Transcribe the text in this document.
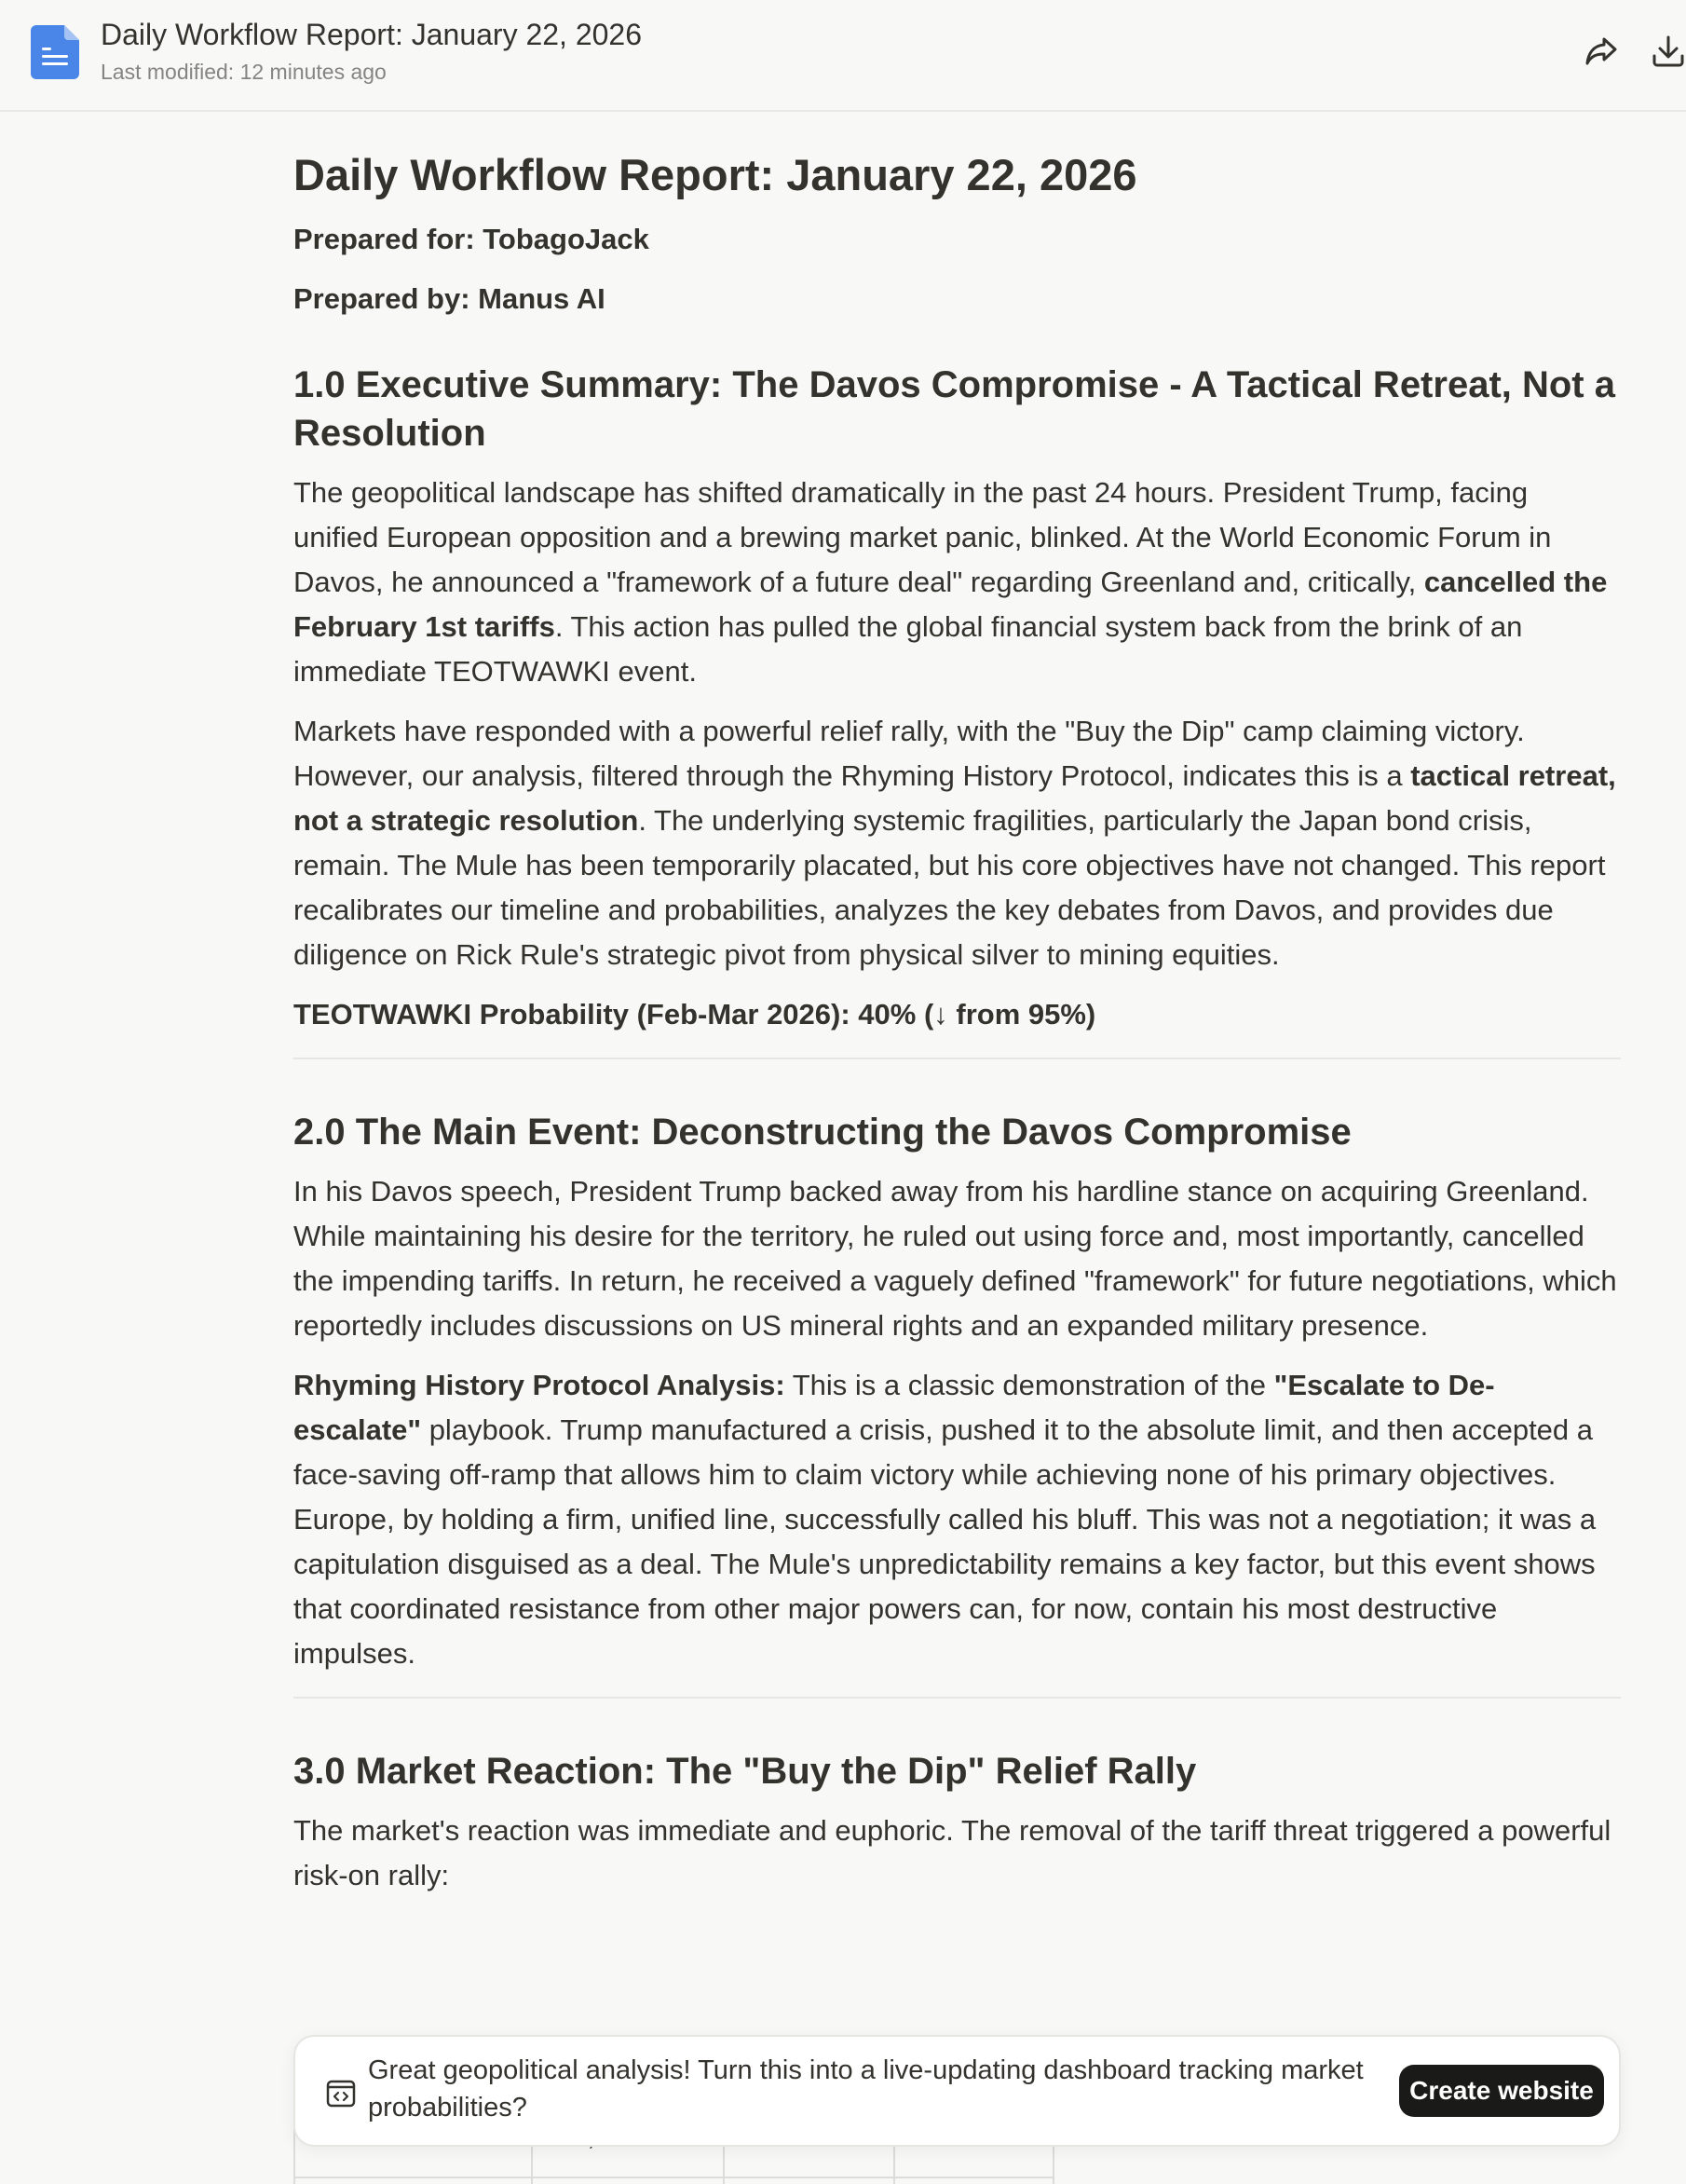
Daily Workflow Report: January 22, 2026
Last modified: 12 minutes ago
Daily Workflow Report: January 22, 2026
Prepared for: TobagoJack
Prepared by: Manus AI
1.0 Executive Summary: The Davos Compromise - A Tactical Retreat, Not a Resolution

The geopolitical landscape has shifted dramatically in the past 24 hours. President Trump, facing unified European opposition and a brewing market panic, blinked. At the World Economic Forum in Davos, he announced a "framework of a future deal" regarding Greenland and, critically, cancelled the February 1st tariffs. This action has pulled the global financial system back from the brink of an immediate TEOTWAWKI event.

Markets have responded with a powerful relief rally, with the "Buy the Dip" camp claiming victory. However, our analysis, filtered through the Rhyming History Protocol, indicates this is a tactical retreat, not a strategic resolution. The underlying systemic fragilities, particularly the Japan bond crisis, remain. The Mule has been temporarily placated, but his core objectives have not changed. This report recalibrates our timeline and probabilities, analyzes the key debates from Davos, and provides due diligence on Rick Rule's strategic pivot from physical silver to mining equities.

TEOTWAWKI Probability (Feb-Mar 2026): 40% (↓ from 95%)

2.0 The Main Event: Deconstructing the Davos Compromise

In his Davos speech, President Trump backed away from his hardline stance on acquiring Greenland. While maintaining his desire for the territory, he ruled out using force and, most importantly, cancelled the impending tariffs. In return, he received a vaguely defined "framework" for future negotiations, which reportedly includes discussions on US mineral rights and an expanded military presence.

Rhyming History Protocol Analysis: This is a classic demonstration of the "Escalate to De-escalate" playbook. Trump manufactured a crisis, pushed it to the absolute limit, and then accepted a face-saving off-ramp that allows him to claim victory while achieving none of his primary objectives. Europe, by holding a firm, unified line, successfully called his bluff. This was not a negotiation; it was a capitulation disguised as a deal. The Mule's unpredictability remains a key factor, but this event shows that coordinated resistance from other major powers can, for now, contain his most destructive impulses.

3.0 Market Reaction: The "Buy the Dip" Relief Rally

The market's reaction was immediate and euphoric. The removal of the tariff threat triggered a powerful risk-on rally:

Great geopolitical analysis! Turn this into a live-updating dashboard tracking market probabilities?
Create website
